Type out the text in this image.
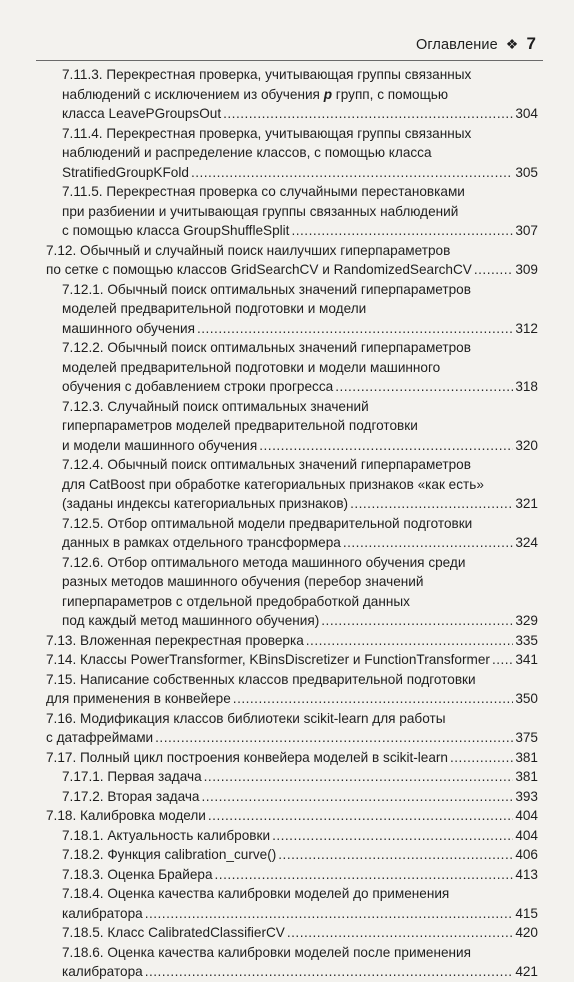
Оглавление ❖ 7
7.11.3. Перекрестная проверка, учитывающая группы связанных
наблюдений с исключением из обучения p групп, с помощью
класса LeavePGroupsOut .....	304
7.11.4. Перекрестная проверка, учитывающая группы связанных
наблюдений и распределение классов, с помощью класса
StratifiedGroupKFold .....	305
7.11.5. Перекрестная проверка со случайными перестановками
при разбиении и учитывающая группы связанных наблюдений
с помощью класса GroupShuffleSplit .....	307
7.12. Обычный и случайный поиск наилучших гиперпараметров
по сетке с помощью классов GridSearchCV и RandomizedSearchCV .....	309
7.12.1. Обычный поиск оптимальных значений гиперпараметров
моделей предварительной подготовки и модели
машинного обучения .....	312
7.12.2. Обычный поиск оптимальных значений гиперпараметров
моделей предварительной подготовки и модели машинного
обучения с добавлением строки прогресса .....	318
7.12.3. Случайный поиск оптимальных значений
гиперпараметров моделей предварительной подготовки
и модели машинного обучения .....	320
7.12.4. Обычный поиск оптимальных значений гиперпараметров
для CatBoost при обработке категориальных признаков «как есть»
(заданы индексы категориальных признаков) .....	321
7.12.5. Отбор оптимальной модели предварительной подготовки
данных в рамках отдельного трансформера .....	324
7.12.6. Отбор оптимального метода машинного обучения среди
разных методов машинного обучения (перебор значений
гиперпараметров с отдельной предобработкой данных
под каждый метод машинного обучения) .....	329
7.13. Вложенная перекрестная проверка .....	335
7.14. Классы PowerTransformer, KBinsDiscretizer и FunctionTransformer ..... 341
7.15. Написание собственных классов предварительной подготовки
для применения в конвейере .....	350
7.16. Модификация классов библиотеки scikit-learn для работы
с датафреймами .....	375
7.17. Полный цикл построения конвейера моделей в scikit-learn .....	381
7.17.1. Первая задача .....	381
7.17.2. Вторая задача .....	393
7.18. Калибровка модели .....	404
7.18.1. Актуальность калибровки .....	404
7.18.2. Функция calibration_curve() .....	406
7.18.3. Оценка Брайера .....	413
7.18.4. Оценка качества калибровки моделей до применения
калибратора .....	415
7.18.5. Класс CalibratedClassifierCV .....	420
7.18.6. Оценка качества калибровки моделей после применения
калибратора .....	421
